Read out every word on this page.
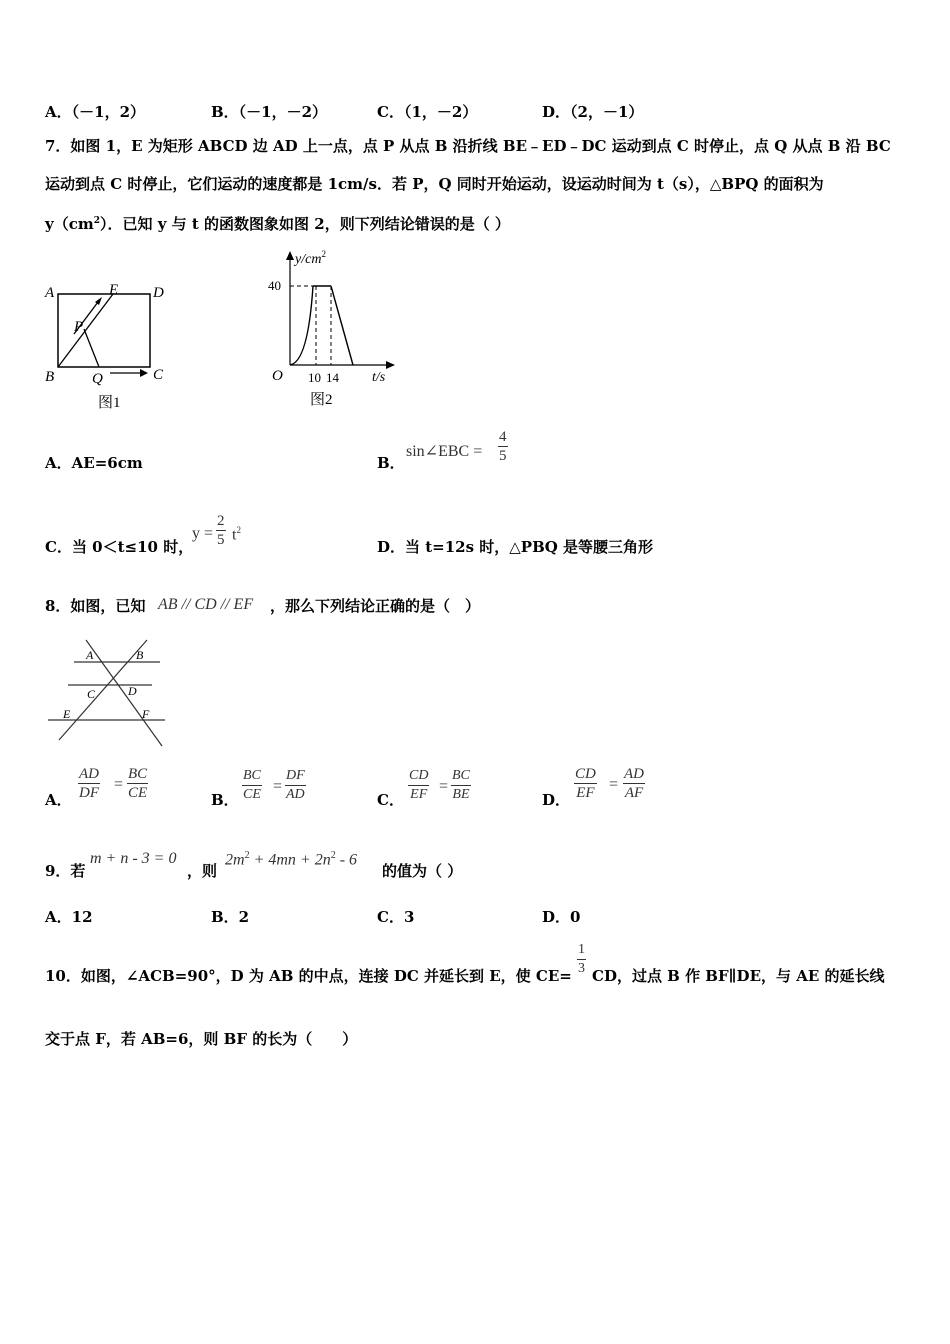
A．（－1，2）	B．（－1，－2）	C．（1，－2）	D．（2，－1）
7．如图 1，E 为矩形 ABCD 边 AD 上一点，点 P 从点 B 沿折线 BE﹣ED﹣DC 运动到点 C 时停止，点 Q 从点 B 沿 BC
运动到点 C 时停止，它们运动的速度都是 1cm/s．若 P，Q 同时开始运动，设运动时间为 t（s），△BPQ 的面积为
$y(cm^2)$．已知 y 与 t 的函数图象如图 2，则下列结论错误的是（ ）
A	E D
P
B	Q	C
图1
$y/cm^2$
40
O 10 14 t/s
图2
A．AE=6cm	B．
sin∠EBC = $\frac{4}{5}$
C．当 0＜t≤10 时，
$y = \frac{2}{5} t^2$
D．当 t=12s 时，△PBQ 是等腰三角形
8．如图，已知 AB // CD // EF ，那么下列结论正确的是（　）
A	B
C	D
E	F
A． $\frac{AD}{DF} = \frac{BC}{CE}$	B． $\frac{BC}{CE} = \frac{DF}{AD}$	C． $\frac{CD}{EF} = \frac{BC}{BE}$	D． $\frac{CD}{EF} = \frac{AD}{AF}$
9．若
m + n - 3 = 0
，则
$2m^2 + 4mn + 2n^2 - 6$
的值为（ ）
A．12	B．2	C．3	D．0
10．如图，∠ACB=90°，D 为 AB 的中点，连接 DC 并延长到 E，使 $CE= \frac{1}{3}$ CD，过点 B 作 BF∥DE，与 AE 的延长线
交于点 F，若 AB=6，则 BF 的长为（　　）
